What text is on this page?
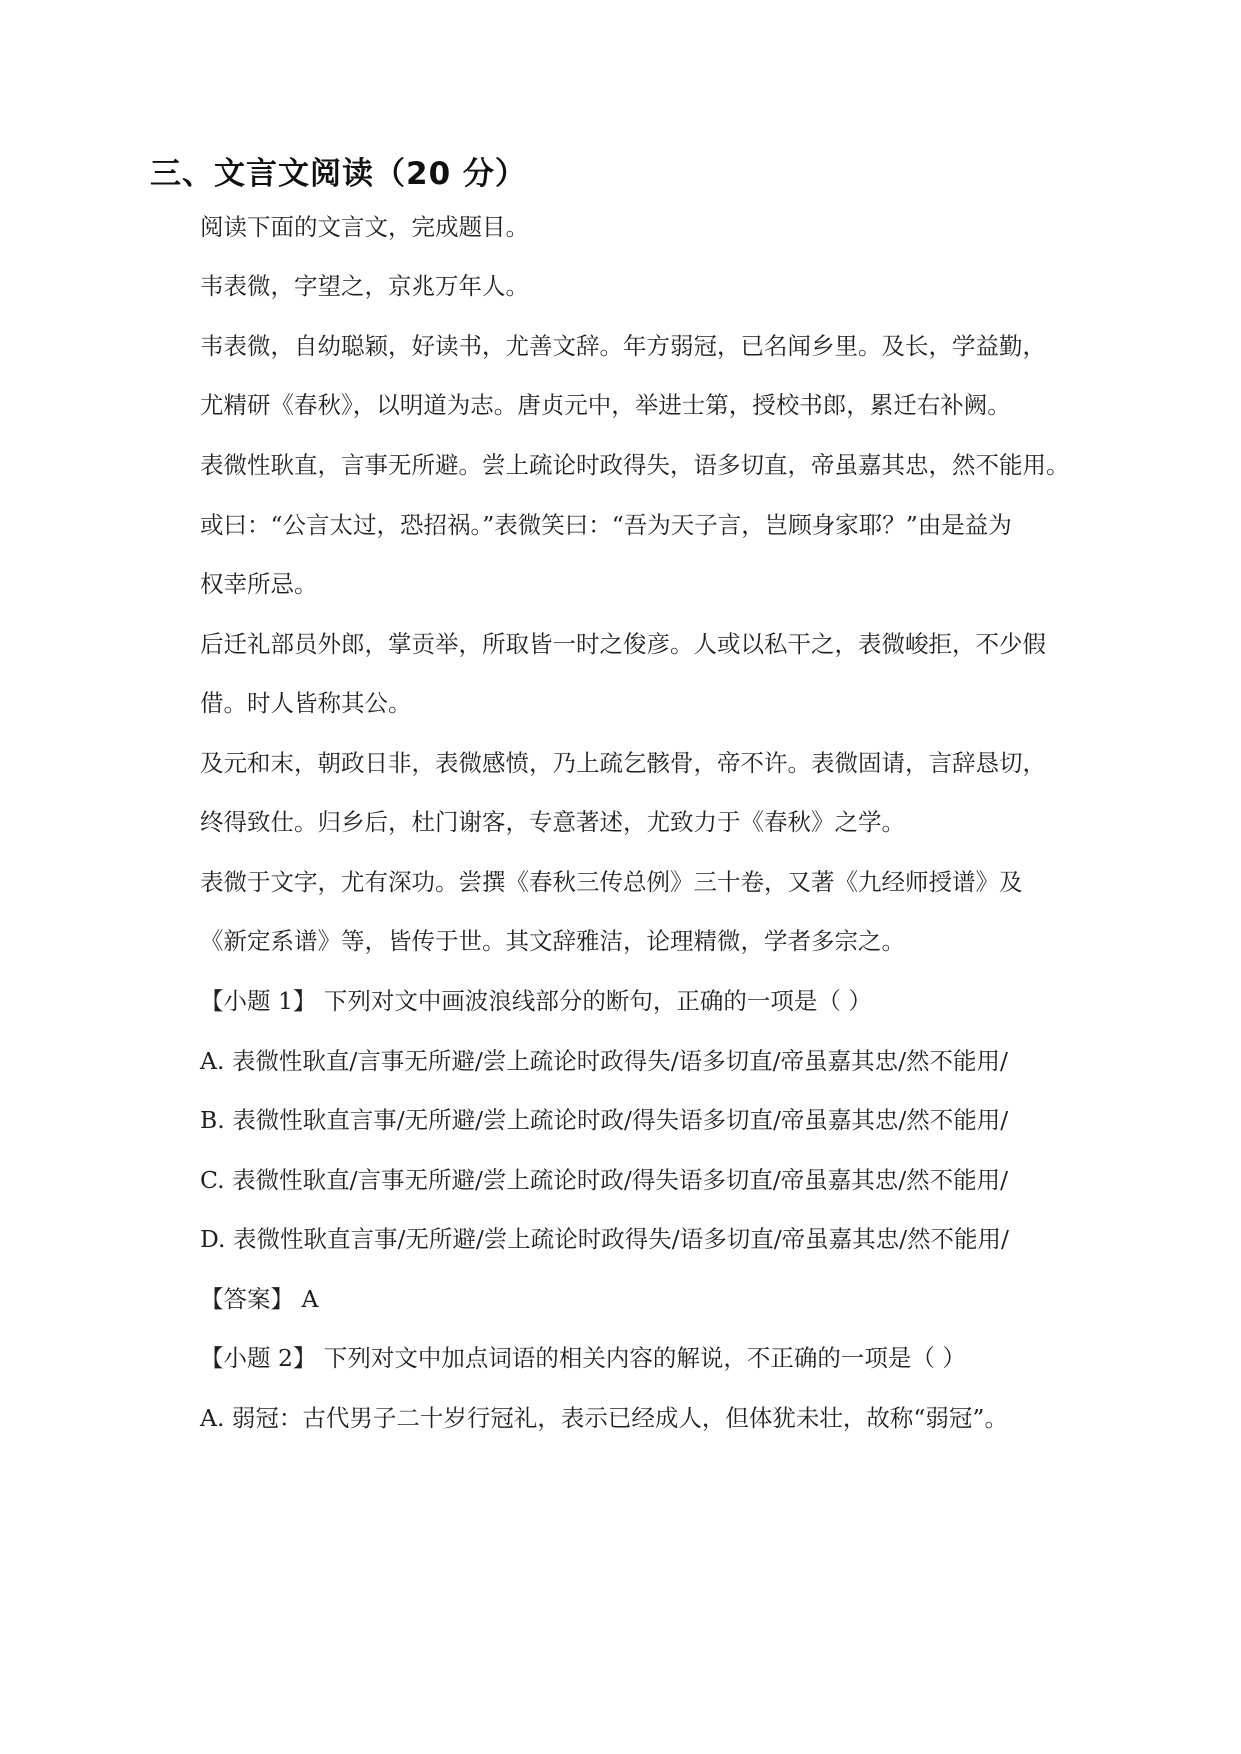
三、文言文阅读（20 分）
阅读下面的文言文，完成题目。
韦表微，字望之，京兆万年人。
韦表微，自幼聪颖，好读书，尤善文辞。年方弱冠，已名闻乡里。及长，学益勤，
尤精研《春秋》，以明道为志。唐贞元中，举进士第，授校书郎，累迁右补阙。
表微性耿直，言事无所避。尝上疏论时政得失，语多切直，帝虽嘉其忠，然不能用。
或曰：“公言太过，恐招祸。”表微笑曰：“吾为天子言，岂顾身家耶？”由是益为
权幸所忌。
后迁礼部员外郎，掌贡举，所取皆一时之俊彦。人或以私干之，表微峻拒，不少假
借。时人皆称其公。
及元和末，朝政日非，表微感愤，乃上疏乞骸骨，帝不许。表微固请，言辞恳切，
终得致仕。归乡后，杜门谢客，专意著述，尤致力于《春秋》之学。
表微于文字，尤有深功。尝撰《春秋三传总例》三十卷，又著《九经师授谱》及
《新定系谱》等，皆传于世。其文辞雅洁，论理精微，学者多宗之。
【小题 1】 下列对文中画波浪线部分的断句，正确的一项是（ ）
A. 表微性耿直/言事无所避/尝上疏论时政得失/语多切直/帝虽嘉其忠/然不能用/
B. 表微性耿直言事/无所避/尝上疏论时政/得失语多切直/帝虽嘉其忠/然不能用/
C. 表微性耿直/言事无所避/尝上疏论时政/得失语多切直/帝虽嘉其忠/然不能用/
D. 表微性耿直言事/无所避/尝上疏论时政得失/语多切直/帝虽嘉其忠/然不能用/
【答案】 A
【小题 2】 下列对文中加点词语的相关内容的解说，不正确的一项是（ ）
A. 弱冠：古代男子二十岁行冠礼，表示已经成人，但体犹未壮，故称“弱冠”。
